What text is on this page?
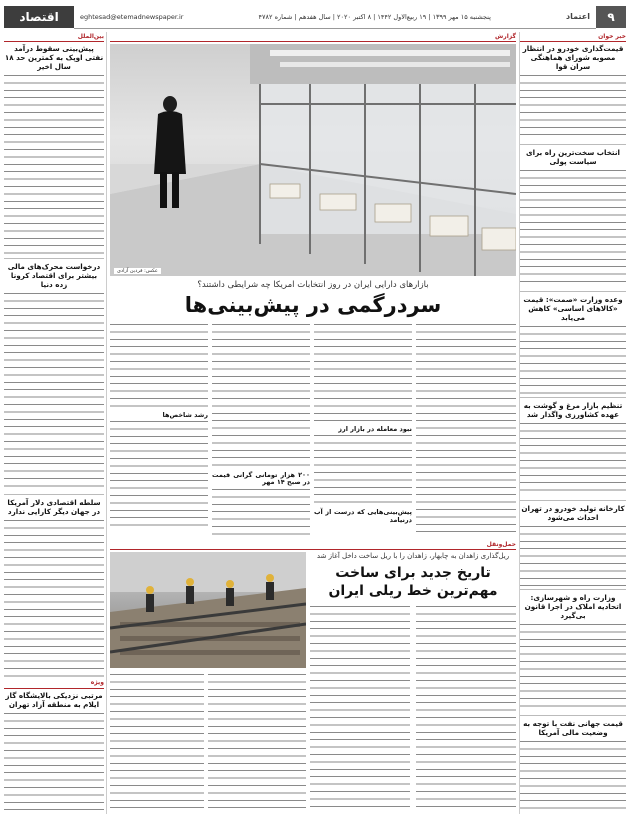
۹
اعتماد
پنجشنبه ۱۵ مهر ۱۳۹۹ | ۱۹ ربیع‌الاول ۱۴۴۲ | ۸ اکتبر ۲۰۲۰ | سال هفدهم | شماره ۴۷۸۲
eghtesad@etemadnewspaper.ir
اقتصاد
خبر خوان
قیمت‌گذاری خودرو در انتظار مصوبه شورای هماهنگی سران قوا
انتخاب سخت‌ترین راه برای سیاست پولی
وعده وزارت «صمت»: قیمت «کالاهای اساسی» کاهش می‌یابد
تنظیم بازار مرغ و گوشت به عهده کشاورزی واگذار شد
کارخانه تولید خودرو در تهران احداث می‌شود
وزارت راه و شهرسازی: اتحادیه املاک در اجرا قانون بی‌گیرد
قیمت جهانی نفت با توجه به وضعیت مالی آمریکا
گزارش
عکس: فردین آزادی
بازارهای دارایی ایران در روز انتخابات امریکا چه شرایطی داشتند؟
سردرگمی در پیش‌بینی‌ها
نبود معامله در بازار ارز
پیش‌بینی‌هایی که درست از آب درنیامد
۲۰۰ هزار تومانی گرانی قیمت در صبح ۱۴ مهر
رشد شاخص‌ها
حمل‌ونقل
ریل‌گذاری زاهدان به چابهار، زاهدان را با ریل ساخت داخل آغاز شد
تاریخ جدید برای ساخت
مهم‌ترین خط ریلی ایران
بین‌الملل
پیش‌بینی سقوط درآمد نفتی اوپک به کمترین حد ۱۸ سال اخیر
درخواست محرک‌های مالی بیشتر برای اقتصاد کرونا زده دنیا
سلطه اقتصادی دلار آمریکا در جهان دیگر کارایی ندارد
ویژه
مرتبی نزدیکی بالایشگاه گاز ایلام به منطقه آزاد تهران
